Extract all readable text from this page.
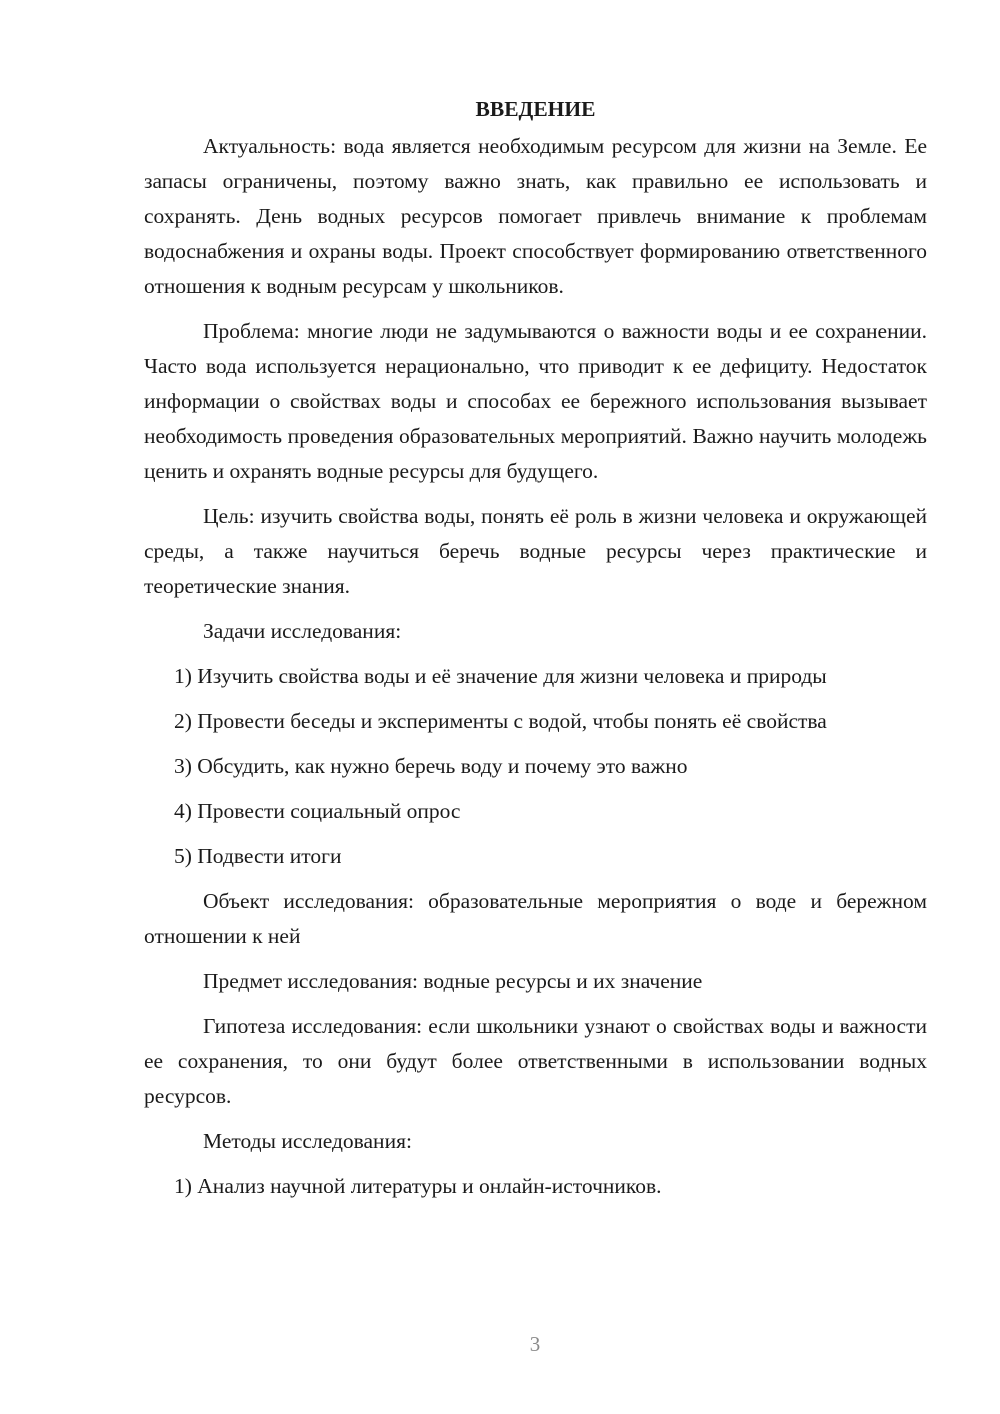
ВВЕДЕНИЕ

Актуальность: вода является необходимым ресурсом для жизни на Земле. Ее запасы ограничены, поэтому важно знать, как правильно ее использовать и сохранять. День водных ресурсов помогает привлечь внимание к проблемам водоснабжения и охраны воды. Проект способствует формированию ответственного отношения к водным ресурсам у школьников.

Проблема: многие люди не задумываются о важности воды и ее сохранении. Часто вода используется нерационально, что приводит к ее дефициту. Недостаток информации о свойствах воды и способах ее бережного использования вызывает необходимость проведения образовательных мероприятий. Важно научить молодежь ценить и охранять водные ресурсы для будущего.

Цель: изучить свойства воды, понять её роль в жизни человека и окружающей среды, а также научиться беречь водные ресурсы через практические и теоретические знания.

Задачи исследования:

1) Изучить свойства воды и её значение для жизни человека и природы

2) Провести беседы и эксперименты с водой, чтобы понять её свойства

3) Обсудить, как нужно беречь воду и почему это важно

4) Провести социальный опрос

5) Подвести итоги

Объект исследования: образовательные мероприятия о воде и бережном отношении к ней

Предмет исследования: водные ресурсы и их значение

Гипотеза исследования: если школьники узнают о свойствах воды и важности ее сохранения, то они будут более ответственными в использовании водных ресурсов.

Методы исследования:

1) Анализ научной литературы и онлайн-источников.

3
